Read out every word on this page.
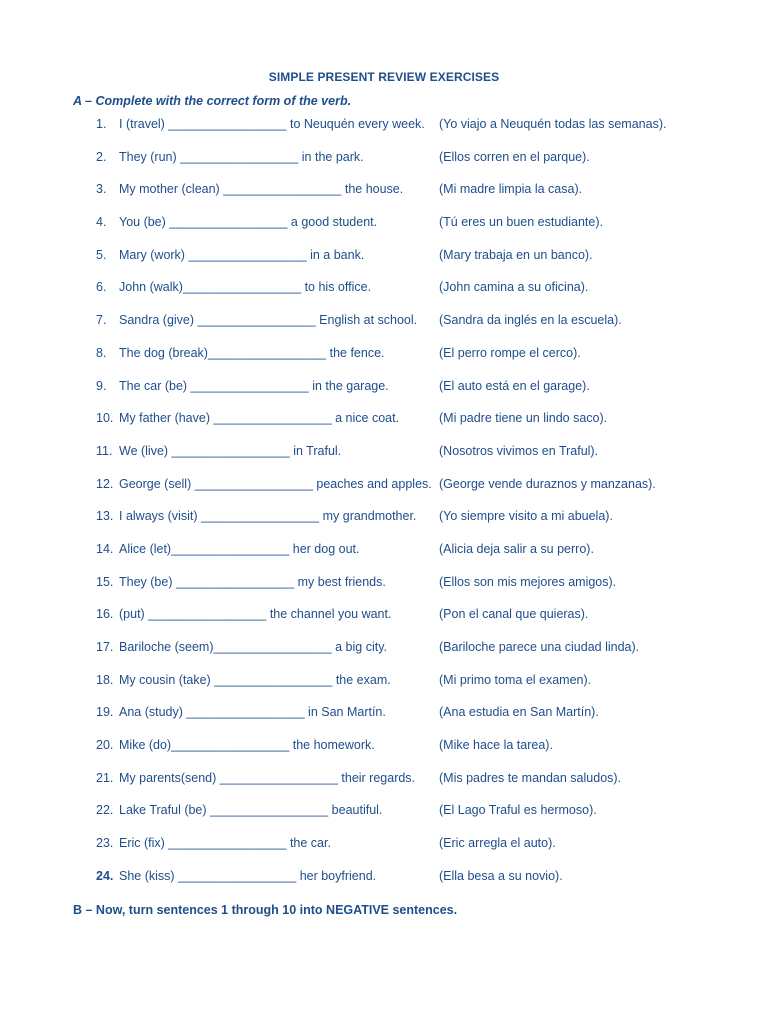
SIMPLE PRESENT REVIEW EXERCISES
A – Complete with the correct form of the verb.
1. I (travel) _________________ to Neuquén every week. (Yo viajo a Neuquén todas las semanas).
2. They (run) _________________ in the park.	(Ellos corren en el parque).
3. My mother (clean) _________________ the house.	(Mi madre limpia la casa).
4. You (be) _________________ a good student.	(Tú eres un buen estudiante).
5. Mary (work) _________________ in a bank.	(Mary trabaja en un banco).
6. John (walk)_________________ to his office.	(John camina a su oficina).
7. Sandra (give) _________________ English at school. (Sandra da inglés en la escuela).
8. The dog (break)_________________ the fence.	(El perro rompe el cerco).
9. The car (be) _________________ in the garage.	(El auto está en el garage).
10. My father (have) _________________ a nice coat.	(Mi padre tiene un lindo saco).
11. We (live) _________________ in Traful.	(Nosotros vivimos en Traful).
12. George (sell) _________________ peaches and apples. (George vende duraznos y manzanas).
13. I always (visit) _________________ my grandmother. (Yo siempre visito a mi abuela).
14. Alice (let)_________________ her dog out.	(Alicia deja salir a su perro).
15. They (be) _________________ my best friends.	(Ellos son mis mejores amigos).
16. (put) _________________ the channel you want.	(Pon el canal que quieras).
17. Bariloche (seem)_________________ a big city.	(Bariloche parece una ciudad linda).
18. My cousin (take) _________________ the exam.	(Mi primo toma el examen).
19. Ana (study) _________________ in San Martín.	(Ana estudia en San Martín).
20. Mike (do)_________________ the homework.	(Mike hace la tarea).
21. My parents(send) _________________ their regards. (Mis padres te mandan saludos).
22. Lake Traful (be) _________________ beautiful.	(El Lago Traful es hermoso).
23. Eric (fix) _________________ the car.	(Eric arregla el auto).
24. She (kiss) _________________ her boyfriend.	(Ella besa a su novio).
B – Now, turn sentences 1 through 10 into NEGATIVE sentences.
